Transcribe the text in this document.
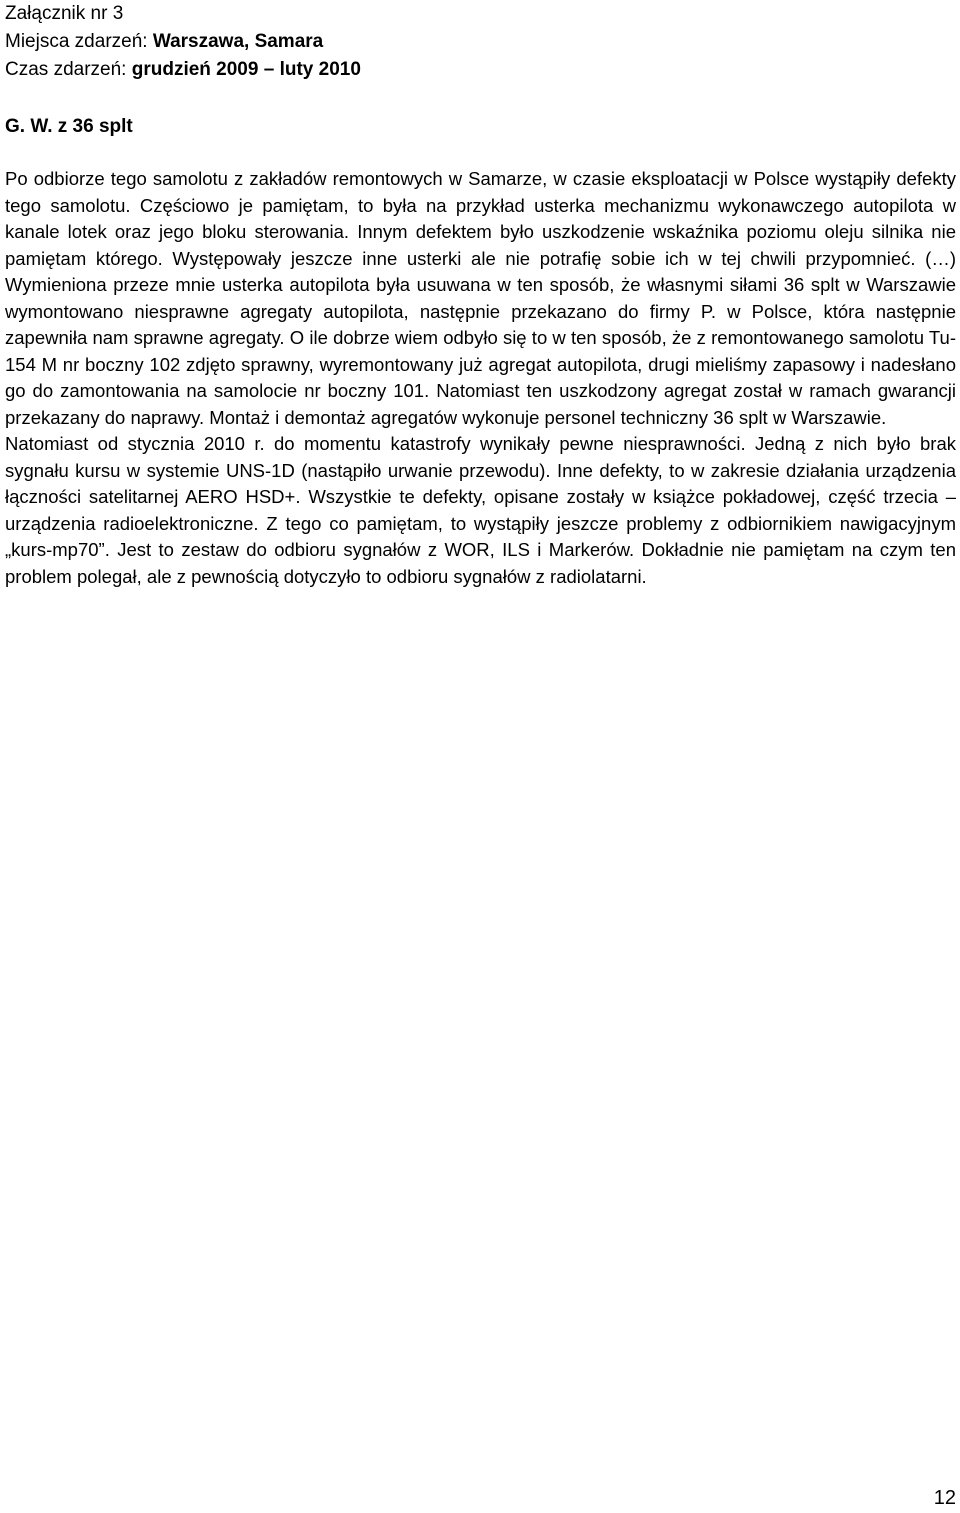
Załącznik nr 3

Miejsca zdarzeń: Warszawa, Samara

Czas zdarzeń: grudzień 2009 – luty 2010

G. W. z 36 splt

Po odbiorze tego samolotu z zakładów remontowych w Samarze, w czasie eksploatacji w Polsce wystąpiły defekty tego samolotu. Częściowo je pamiętam, to była na przykład usterka mechanizmu wykonawczego autopilota w kanale lotek oraz jego bloku sterowania. Innym defektem było uszkodzenie wskaźnika poziomu oleju silnika nie pamiętam którego. Występowały jeszcze inne usterki ale nie potrafię sobie ich w tej chwili przypomnieć. (…) Wymieniona przeze mnie usterka autopilota była usuwana w ten sposób, że własnymi siłami 36 splt w Warszawie wymontowano niesprawne agregaty autopilota, następnie przekazano do firmy P. w Polsce, która następnie zapewniła nam sprawne agregaty. O ile dobrze wiem odbyło się to w ten sposób, że z remontowanego samolotu Tu-154 M nr boczny 102 zdjęto sprawny, wyremontowany już agregat autopilota, drugi mieliśmy zapasowy i nadesłano go do zamontowania na samolocie nr boczny 101. Natomiast ten uszkodzony agregat został w ramach gwarancji przekazany do naprawy. Montaż i demontaż agregatów wykonuje personel techniczny 36 splt w Warszawie.

Natomiast od stycznia 2010 r. do momentu katastrofy wynikały pewne niesprawności. Jedną z nich było brak sygnału kursu w systemie UNS-1D (nastąpiło urwanie przewodu). Inne defekty, to w zakresie działania urządzenia łączności satelitarnej AERO HSD+. Wszystkie te defekty, opisane zostały w książce pokładowej, część trzecia – urządzenia radioelektroniczne. Z tego co pamiętam, to wystąpiły jeszcze problemy z odbiornikiem nawigacyjnym „kurs-mp70”. Jest to zestaw do odbioru sygnałów z WOR, ILS i Markerów. Dokładnie nie pamiętam na czym ten problem polegał, ale z pewnością dotyczyło to odbioru sygnałów z radiolatarni.

12
